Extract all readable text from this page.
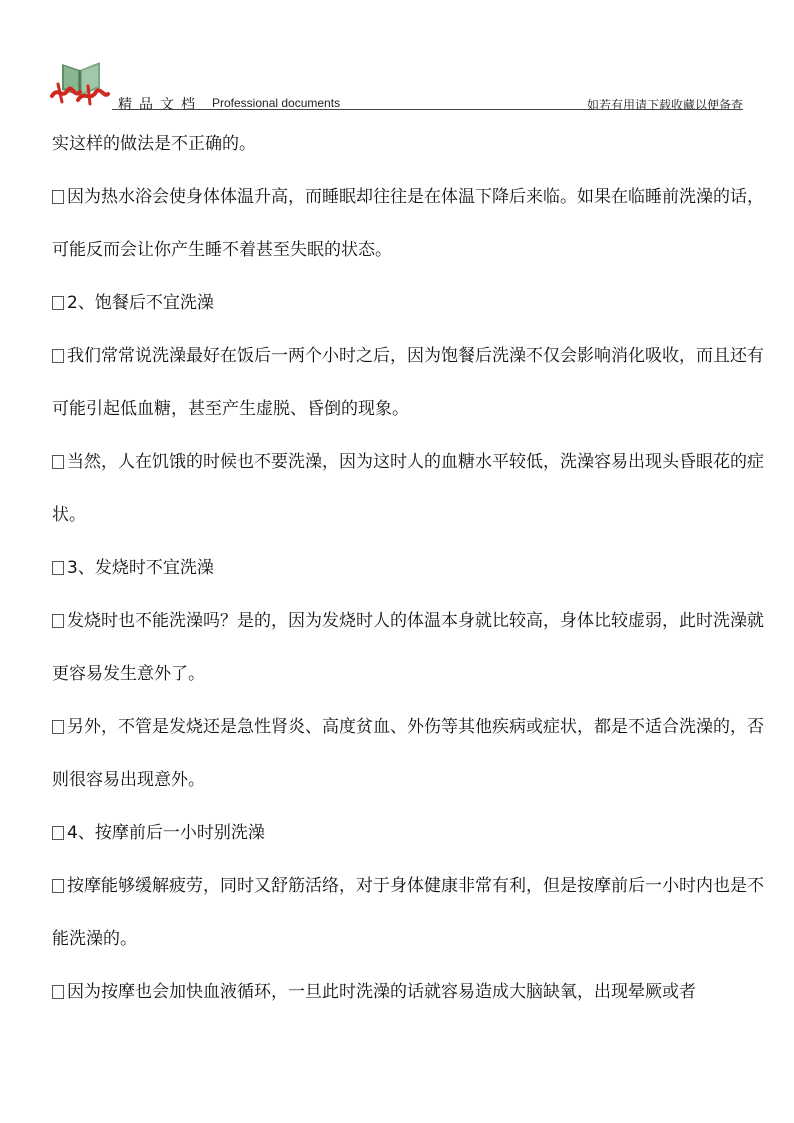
精品文档 Professional documents	如若有用请下载收藏以便备查

实这样的做法是不正确的。

因为热水浴会使身体体温升高，而睡眠却往往是在体温下降后来临。如果在临睡前洗澡的话，可能反而会让你产生睡不着甚至失眠的状态。

2、饱餐后不宜洗澡

我们常常说洗澡最好在饭后一两个小时之后，因为饱餐后洗澡不仅会影响消化吸收，而且还有可能引起低血糖，甚至产生虚脱、昏倒的现象。

当然，人在饥饿的时候也不要洗澡，因为这时人的血糖水平较低，洗澡容易出现头昏眼花的症状。

3、发烧时不宜洗澡

发烧时也不能洗澡吗？是的，因为发烧时人的体温本身就比较高，身体比较虚弱，此时洗澡就更容易发生意外了。

另外，不管是发烧还是急性肾炎、高度贫血、外伤等其他疾病或症状，都是不适合洗澡的，否则很容易出现意外。

4、按摩前后一小时别洗澡

按摩能够缓解疲劳，同时又舒筋活络，对于身体健康非常有利，但是按摩前后一小时内也是不能洗澡的。

因为按摩也会加快血液循环，一旦此时洗澡的话就容易造成大脑缺氧，出现晕厥或者
